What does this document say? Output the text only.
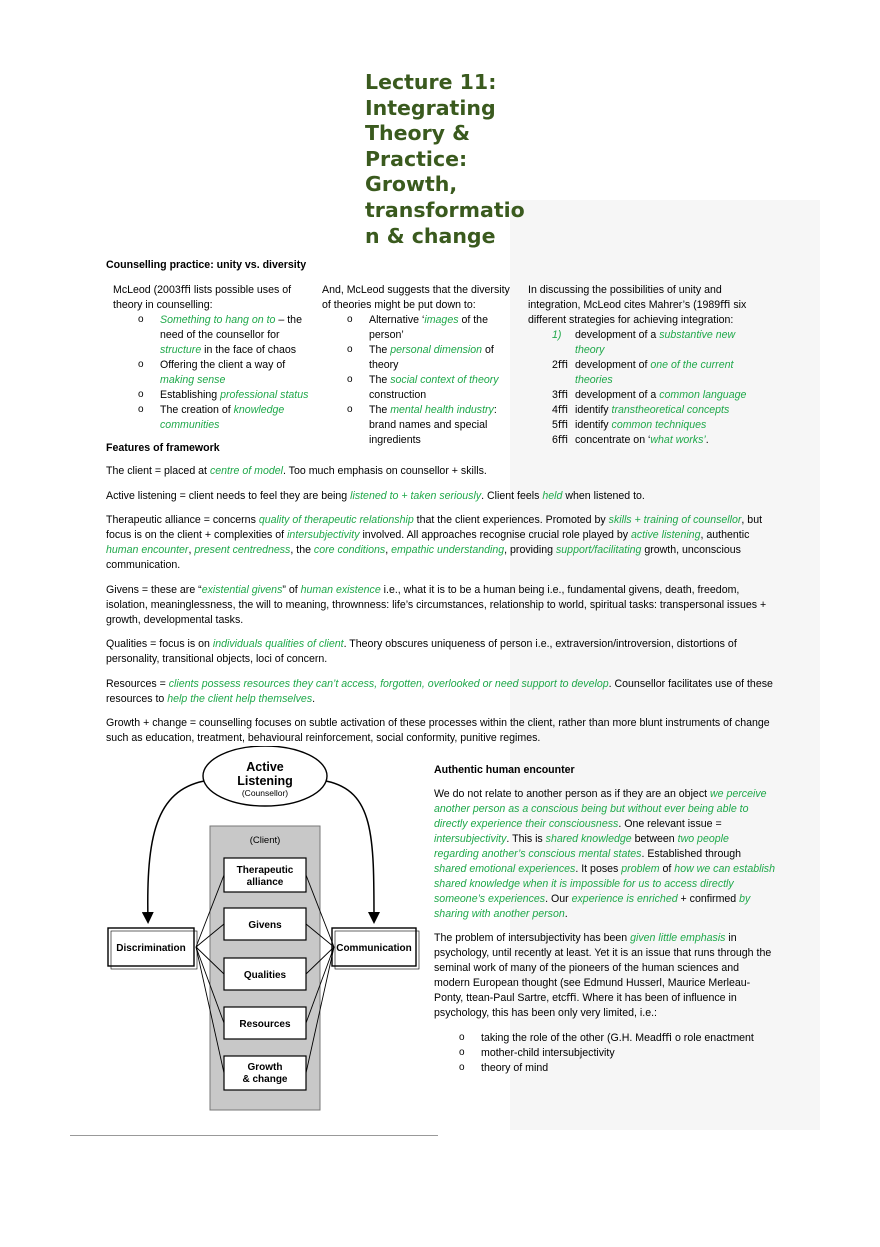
Lecture 11:
Integrating
Theory &
Practice:
Growth,
transformatio
n & change
Counselling practice: unity vs. diversity

McLeod (2003ﬃ lists possible uses of theory in counselling:

o Something to hang on to – the need of the counsellor for structure in the face of chaos
o Offering the client a way of making sense
o Establishing professional status
o The creation of knowledge communities

And, McLeod suggests that the diversity of theories might be put down to:

o Alternative ‘images of the person’
o The personal dimension of theory
o The social context of theory construction
o The mental health industry: brand names and special ingredients

In discussing the possibilities of unity and integration, McLeod cites Mahrer’s (1989ﬃ six different strategies for achieving integration:

1) development of a substantive new theory
2ﬃ development of one of the current theories
3ﬃ development of a common language
4ﬃ identify transtheoretical concepts
5ﬃ identify common techniques
6ﬃ concentrate on ‘what works’.
Features of framework

The client = placed at centre of model. Too much emphasis on counsellor + skills.

Active listening = client needs to feel they are being listened to + taken seriously. Client feels held when listened to.

Therapeutic alliance = concerns quality of therapeutic relationship that the client experiences. Promoted by skills + training of counsellor, but focus is on the client + complexities of intersubjectivity involved. All approaches recognise crucial role played by active listening, authentic human encounter, present centredness, the core conditions, empathic understanding, providing support/facilitating growth, unconscious communication.

Givens = these are “existential givens” of human existence i.e., what it is to be a human being i.e., fundamental givens, death, freedom, isolation, meaninglessness, the will to meaning, thrownness: life’s circumstances, relationship to world, spiritual tasks: transpersonal issues + growth, developmental tasks.

Qualities = focus is on individuals qualities of client. Theory obscures uniqueness of person i.e., extraversion/introversion, distortions of personality, transitional objects, loci of concern.

Resources = clients possess resources they can’t access, forgotten, overlooked or need support to develop. Counsellor facilitates use of these resources to help the client help themselves.

Growth + change = counselling focuses on subtle activation of these processes within the client, rather than more blunt instruments of change such as education, treatment, behavioural reinforcement, social conformity, punitive regimes.

(Client)
Active
Listening
(Counsellor)
Discrimination	Communication
Therapeutic
alliance
Givens
Qualities
Resources
Growth
& change

Authentic human encounter

We do not relate to another person as if they are an object we perceive another person as a conscious being but without ever being able to directly experience their consciousness. One relevant issue = intersubjectivity. This is shared knowledge between two people regarding another’s conscious mental states. Established through shared emotional experiences. It poses problem of how we can establish shared knowledge when it is impossible for us to access directly someone’s experiences. Our experience is enriched + confirmed by sharing with another person.

The problem of intersubjectivity has been given little emphasis in psychology, until recently at least. Yet it is an issue that runs through the seminal work of many of the pioneers of the human sciences and modern European thought (see Edmund Husserl, Maurice Merleau-Ponty, ttean-Paul Sartre, etcﬃ. Where it has been of influence in psychology, this has been only very limited, i.e.:

o taking the role of the other (G.H. Meadﬃ o role enactment
o mother-child intersubjectivity
o theory of mind
